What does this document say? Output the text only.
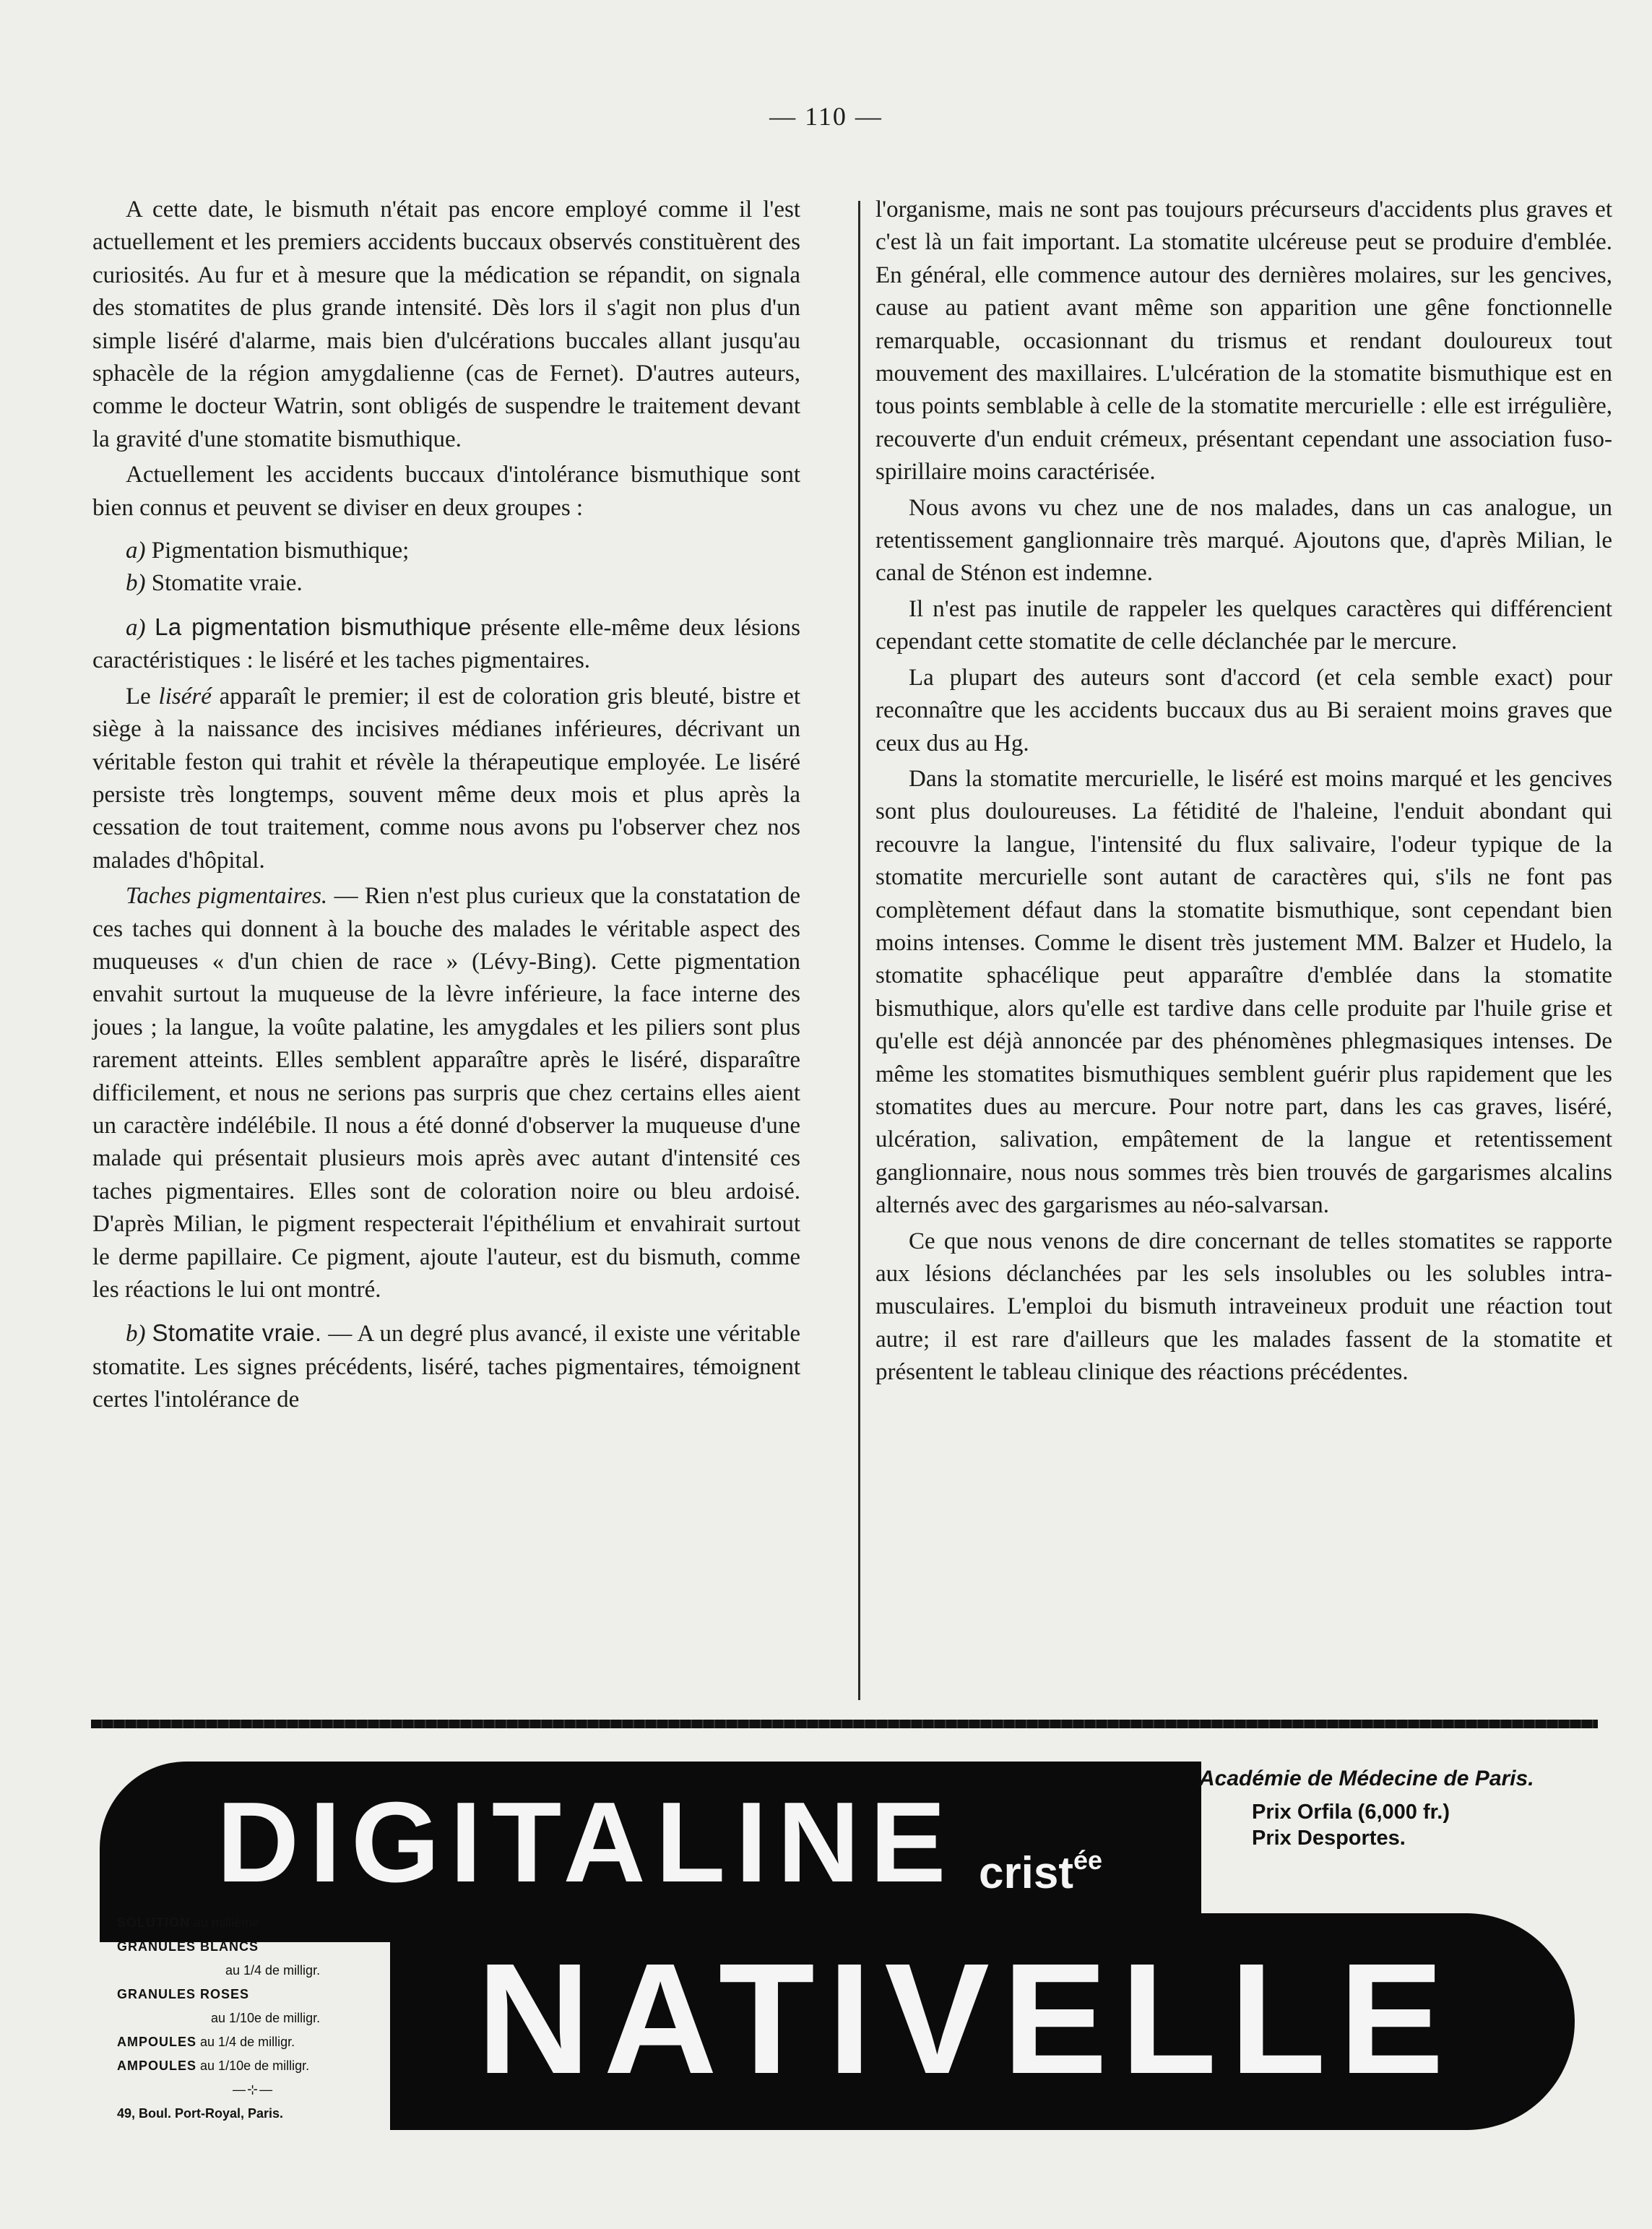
— 110 —

A cette date, le bismuth n'était pas encore employé comme il l'est actuellement et les premiers accidents buccaux observés constituèrent des curiosités. Au fur et à mesure que la médication se répandit, on signala des stomatites de plus grande intensité. Dès lors il s'agit non plus d'un simple liséré d'alarme, mais bien d'ulcérations buccales allant jusqu'au sphacèle de la région amygdalienne (cas de Fernet). D'autres auteurs, comme le docteur Watrin, sont obligés de suspendre le traitement devant la gravité d'une stomatite bismuthique.

Actuellement les accidents buccaux d'intolérance bismuthique sont bien connus et peuvent se diviser en deux groupes :

a) Pigmentation bismuthique;

b) Stomatite vraie.

a) La pigmentation bismuthique présente elle-même deux lésions caractéristiques : le liséré et les taches pigmentaires.

Le liséré apparaît le premier; il est de coloration gris bleuté, bistre et siège à la naissance des incisives médianes inférieures, décrivant un véritable feston qui trahit et révèle la thérapeutique employée. Le liséré persiste très longtemps, souvent même deux mois et plus après la cessation de tout traitement, comme nous avons pu l'observer chez nos malades d'hôpital.

Taches pigmentaires. — Rien n'est plus curieux que la constatation de ces taches qui donnent à la bouche des malades le véritable aspect des muqueuses « d'un chien de race » (Lévy-Bing). Cette pigmentation envahit surtout la muqueuse de la lèvre inférieure, la face interne des joues ; la langue, la voûte palatine, les amygdales et les piliers sont plus rarement atteints. Elles semblent apparaître après le liséré, disparaître difficilement, et nous ne serions pas surpris que chez certains elles aient un caractère indélébile. Il nous a été donné d'observer la muqueuse d'une malade qui présentait plusieurs mois après avec autant d'intensité ces taches pigmentaires. Elles sont de coloration noire ou bleu ardoisé. D'après Milian, le pigment respecterait l'épithélium et envahirait surtout le derme papillaire. Ce pigment, ajoute l'auteur, est du bismuth, comme les réactions le lui ont montré.

b) Stomatite vraie. — A un degré plus avancé, il existe une véritable stomatite. Les signes précédents, liséré, taches pigmentaires, témoignent certes l'intolérance de

l'organisme, mais ne sont pas toujours précurseurs d'accidents plus graves et c'est là un fait important. La stomatite ulcéreuse peut se produire d'emblée. En général, elle commence autour des dernières molaires, sur les gencives, cause au patient avant même son apparition une gêne fonctionnelle remarquable, occasionnant du trismus et rendant douloureux tout mouvement des maxillaires. L'ulcération de la stomatite bismuthique est en tous points semblable à celle de la stomatite mercurielle : elle est irrégulière, recouverte d'un enduit crémeux, présentant cependant une association fuso-spirillaire moins caractérisée.

Nous avons vu chez une de nos malades, dans un cas analogue, un retentissement ganglionnaire très marqué. Ajoutons que, d'après Milian, le canal de Sténon est indemne.

Il n'est pas inutile de rappeler les quelques caractères qui différencient cependant cette stomatite de celle déclanchée par le mercure.

La plupart des auteurs sont d'accord (et cela semble exact) pour reconnaître que les accidents buccaux dus au Bi seraient moins graves que ceux dus au Hg.

Dans la stomatite mercurielle, le liséré est moins marqué et les gencives sont plus douloureuses. La fétidité de l'haleine, l'enduit abondant qui recouvre la langue, l'intensité du flux salivaire, l'odeur typique de la stomatite mercurielle sont autant de caractères qui, s'ils ne font pas complètement défaut dans la stomatite bismuthique, sont cependant bien moins intenses. Comme le disent très justement MM. Balzer et Hudelo, la stomatite sphacélique peut apparaître d'emblée dans la stomatite bismuthique, alors qu'elle est tardive dans celle produite par l'huile grise et qu'elle est déjà annoncée par des phénomènes phlegmasiques intenses. De même les stomatites bismuthiques semblent guérir plus rapidement que les stomatites dues au mercure. Pour notre part, dans les cas graves, liséré, ulcération, salivation, empâtement de la langue et retentissement ganglionnaire, nous nous sommes très bien trouvés de gargarismes alcalins alternés avec des gargarismes au néo-salvarsan.

Ce que nous venons de dire concernant de telles stomatites se rapporte aux lésions déclanchées par les sels insolubles ou les solubles intra-musculaires. L'emploi du bismuth intraveineux produit une réaction tout autre; il est rare d'ailleurs que les malades fassent de la stomatite et présentent le tableau clinique des réactions précédentes.

DIGITALINE crist$^{ée}$
NATIVELLE
Académie de Médecine de Paris.
Prix Orfila (6,000 fr.)
Prix Desportes.
SOLUTION au millième
GRANULES BLANCS
au 1/4 de milligr.
GRANULES ROSES
au 1/10e de milligr.
AMPOULES au 1/4 de milligr.
AMPOULES au 1/10e de milligr.
—⊹—
49, Boul. Port-Royal, Paris.
